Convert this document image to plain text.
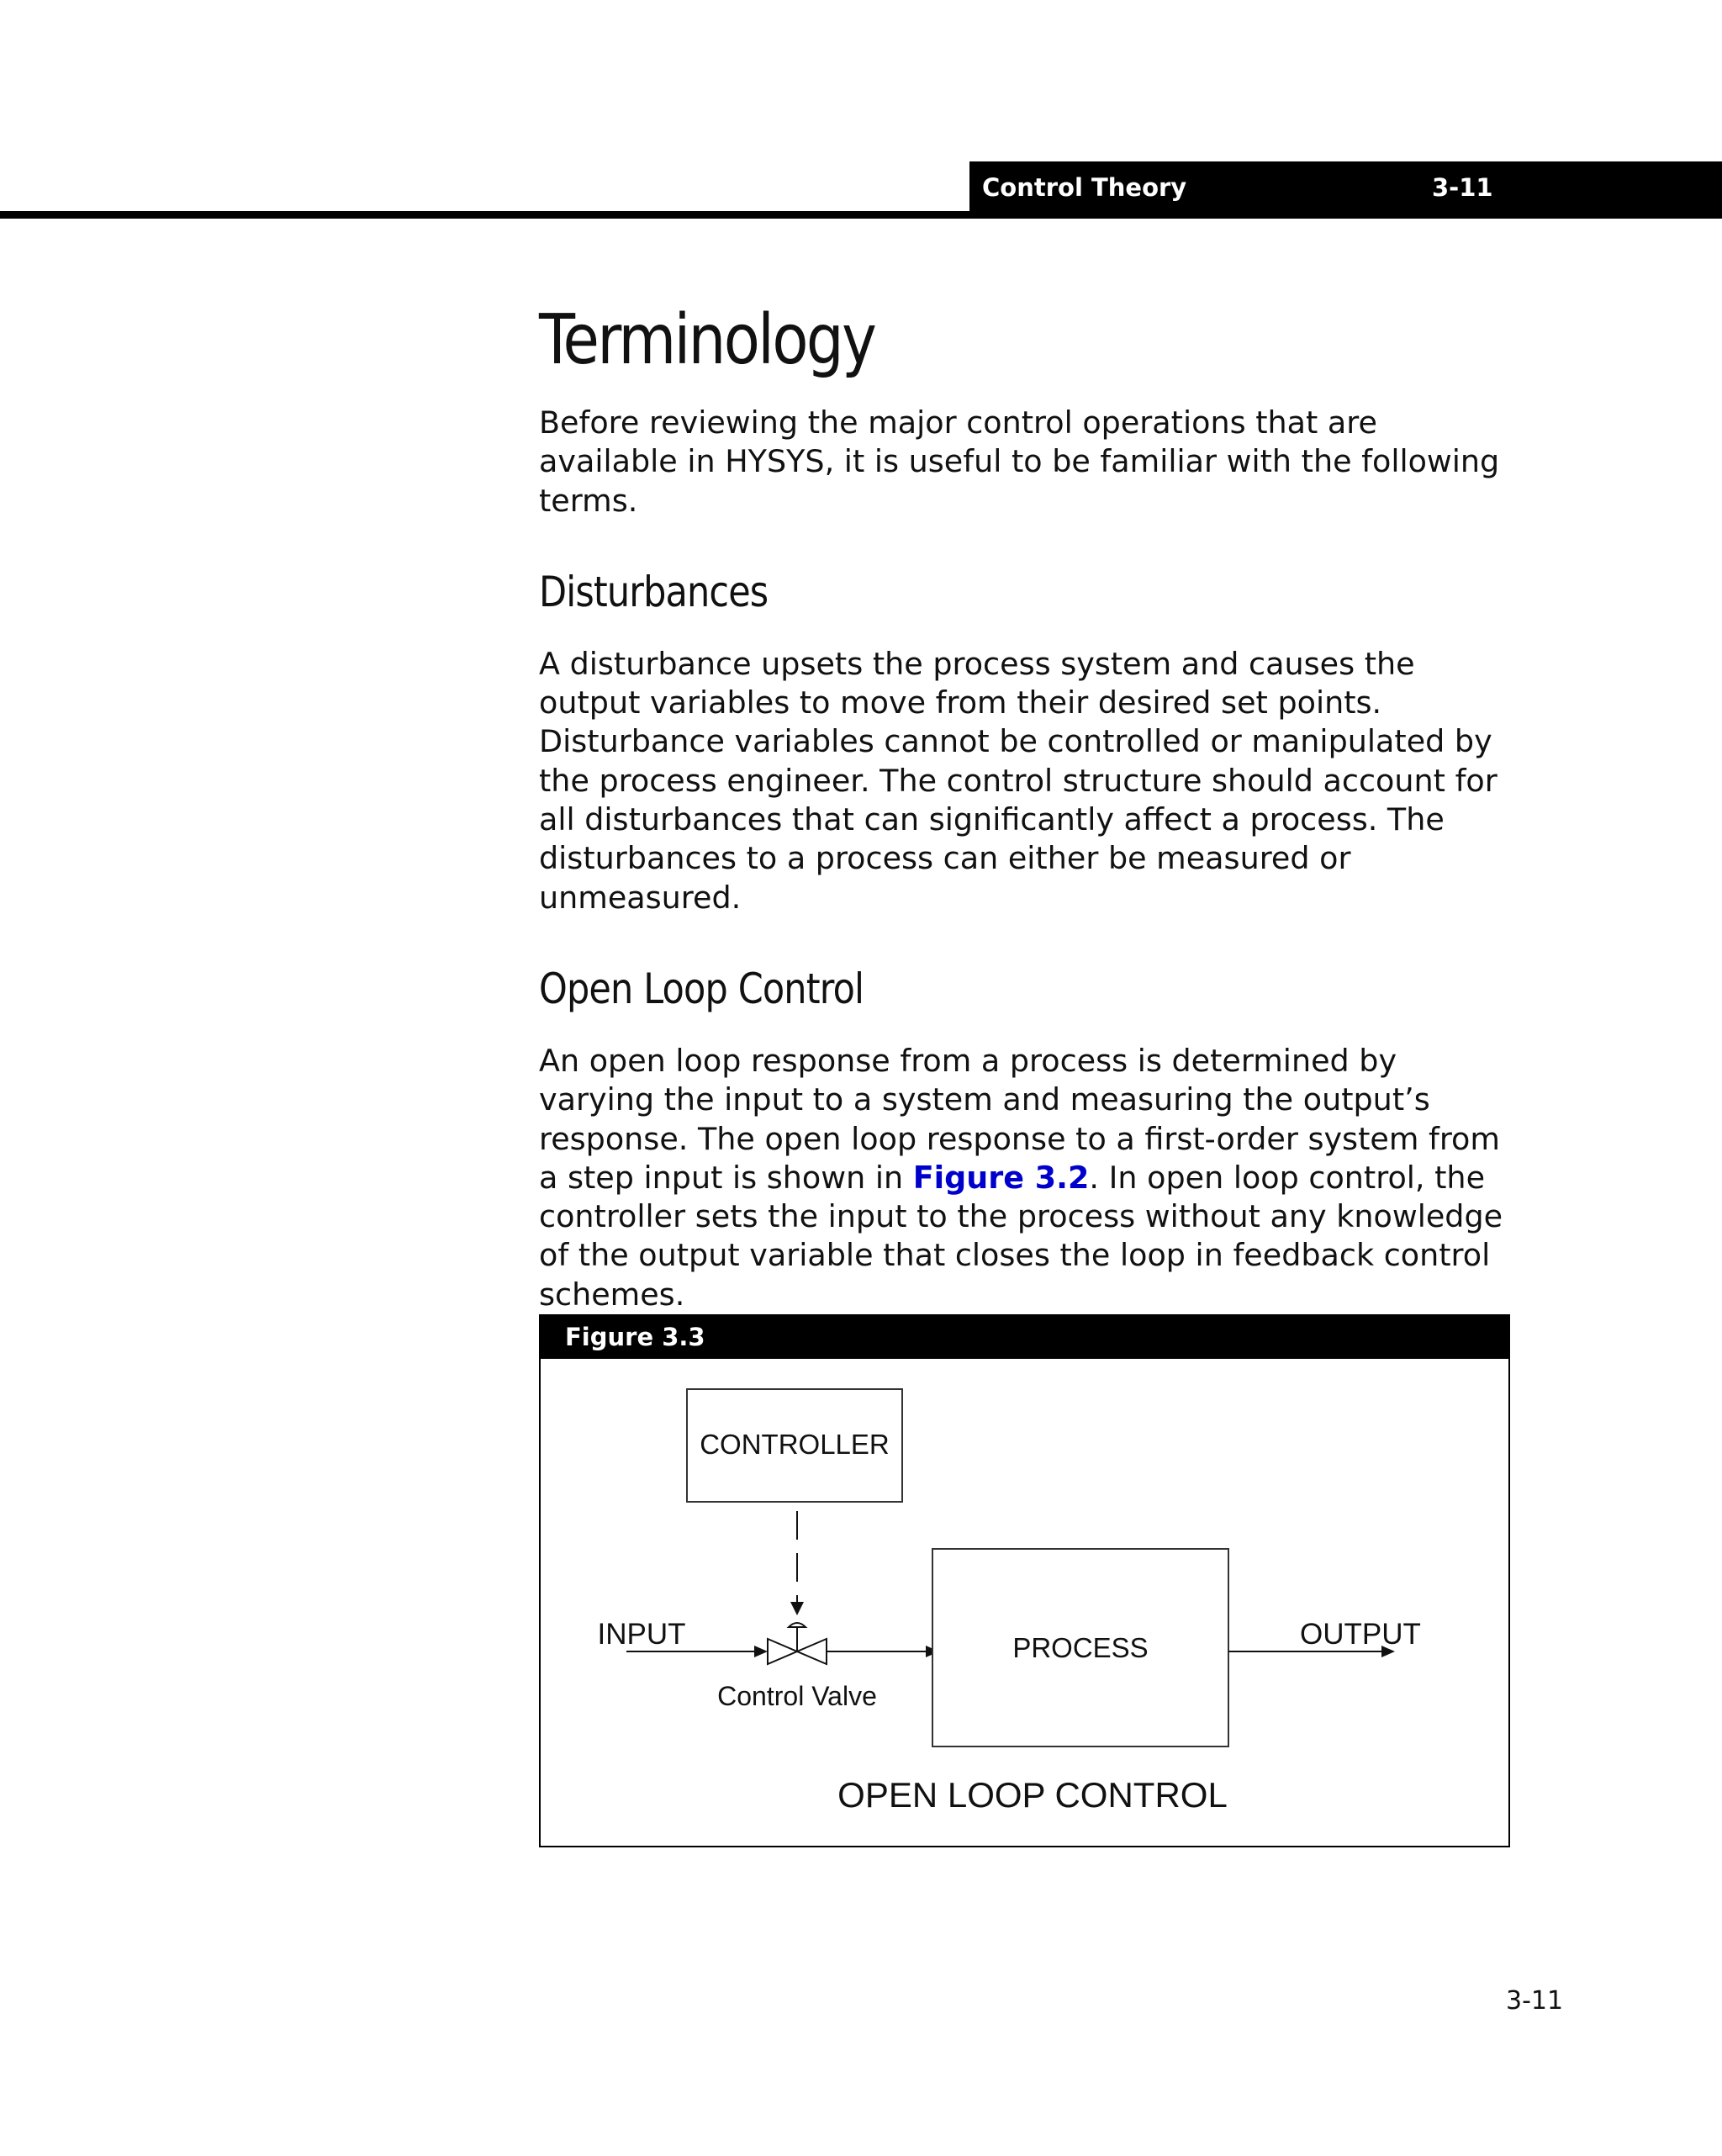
Control Theory	3-11
Terminology

Before reviewing the major control operations that are available in HYSYS, it is useful to be familiar with the following terms.

Disturbances

A disturbance upsets the process system and causes the output variables to move from their desired set points. Disturbance variables cannot be controlled or manipulated by the process engineer. The control structure should account for all disturbances that can significantly affect a process. The disturbances to a process can either be measured or unmeasured.

Open Loop Control

An open loop response from a process is determined by varying the input to a system and measuring the output’s response. The open loop response to a first-order system from a step input is shown in Figure 3.2. In open loop control, the controller sets the input to the process without any knowledge of the output variable that closes the loop in feedback control schemes.

Figure 3.3
CONTROLLER
INPUT
Control Valve
PROCESS	OUTPUT
OPEN LOOP CONTROL
3-11
